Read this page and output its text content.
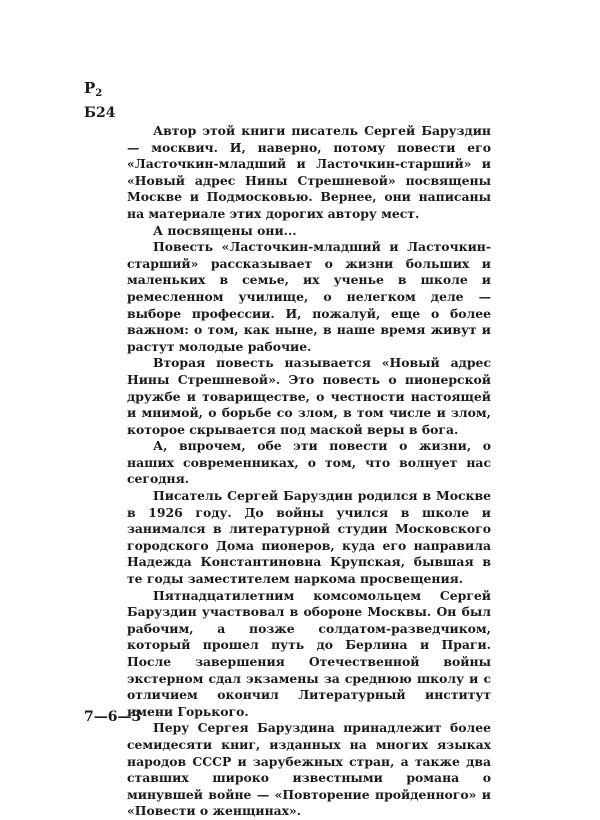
$Р_2$
Б24

Автор этой книги писатель Сергей Баруздин — москвич. И, наверно, потому повести его «Ласточкин-младший и Ласточкин-старший» и «Новый адрес Нины Стрешневой» посвящены Москве и Подмосковью. Вернее, они написаны на материале этих дорогих автору мест.

А посвящены они...

Повесть «Ласточкин-младший и Ласточкин-старший» рассказывает о жизни больших и маленьких в семье, их ученье в школе и ремесленном училище, о нелегком деле — выборе профессии. И, пожалуй, еще о более важном: о том, как ныне, в наше время живут и растут молодые рабочие.

Вторая повесть называется «Новый адрес Нины Стрешневой». Это повесть о пионерской дружбе и товариществе, о честности настоящей и мнимой, о борьбе со злом, в том числе и злом, которое скрывается под маской веры в бога.

А, впрочем, обе эти повести о жизни, о наших современниках, о том, что волнует нас сегодня.

Писатель Сергей Баруздин родился в Москве в 1926 году. До войны учился в школе и занимался в литературной студии Московского городского Дома пионеров, куда его направила Надежда Константиновна Крупская, бывшая в те годы заместителем наркома просвещения.

Пятнадцатилетним комсомольцем Сергей Баруздин участвовал в обороне Москвы. Он был рабочим, а позже солдатом-разведчиком, который прошел путь до Берлина и Праги. После завершения Отечественной войны экстерном сдал экзамены за среднюю школу и с отличием окончил Литературный институт имени Горького.

Перу Сергея Баруздина принадлежит более семидесяти книг, изданных на многих языках народов СССР и зарубежных стран, а также два ставших широко известными романа о минувшей войне — «Повторение пройденного» и «Повести о женщинах».

7—6—3
